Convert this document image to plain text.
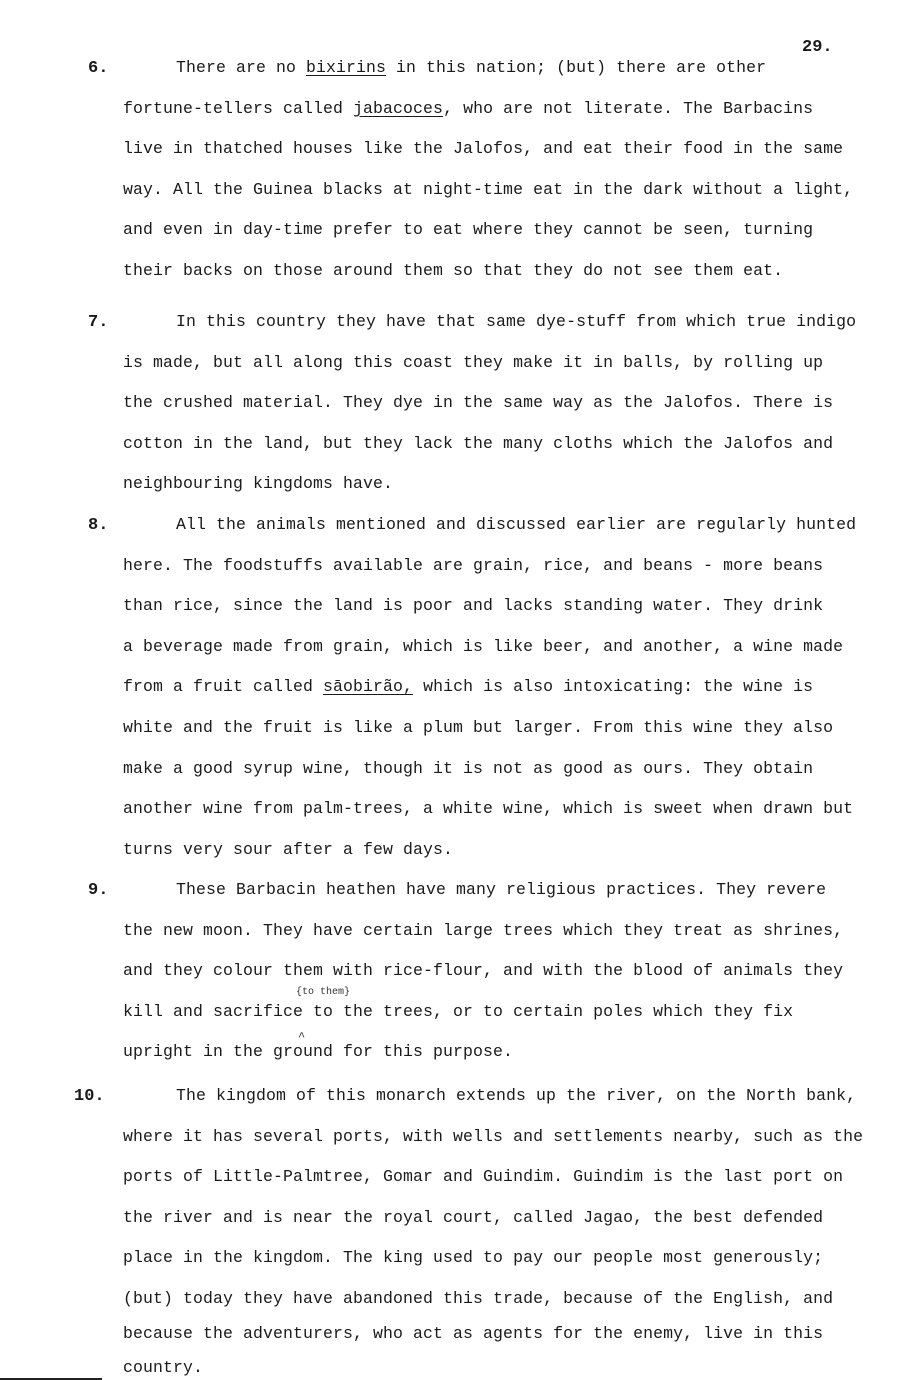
29.
6.	There are no bixirins in this nation; (but) there are other
fortune-tellers called jabacoces, who are not literate. The Barbacins
live in thatched houses like the Jalofos, and eat their food in the same
way. All the Guinea blacks at night-time eat in the dark without a light,
and even in day-time prefer to eat where they cannot be seen, turning
their backs on those around them so that they do not see them eat.
7.	In this country they have that same dye-stuff from which true indigo
is made, but all along this coast they make it in balls, by rolling up
the crushed material. They dye in the same way as the Jalofos. There is
cotton in the land, but they lack the many cloths which the Jalofos and
neighbouring kingdoms have.
8.	All the animals mentioned and discussed earlier are regularly hunted
here. The foodstuffs available are grain, rice, and beans - more beans
than rice, since the land is poor and lacks standing water. They drink
a beverage made from grain, which is like beer, and another, a wine made
from a fruit called sāobirão, which is also intoxicating: the wine is
white and the fruit is like a plum but larger. From this wine they also
make a good syrup wine, though it is not as good as ours. They obtain
another wine from palm-trees, a white wine, which is sweet when drawn but
turns very sour after a few days.
9.	These Barbacin heathen have many religious practices. They revere
the new moon. They have certain large trees which they treat as shrines,
and they colour them with rice-flour, and with the blood of animals they
kill and sacrifice to the trees, or to certain poles which they fix
upright in the ground for this purpose.
10.	The kingdom of this monarch extends up the river, on the North bank,
where it has several ports, with wells and settlements nearby, such as the
ports of Little-Palmtree, Gomar and Guindim. Guindim is the last port on
the river and is near the royal court, called Jagao, the best defended
place in the kingdom. The king used to pay our people most generously;
(but) today they have abandoned this trade, because of the English, and
because the adventurers, who act as agents for the enemy, live in this
country.
{to them}
^
